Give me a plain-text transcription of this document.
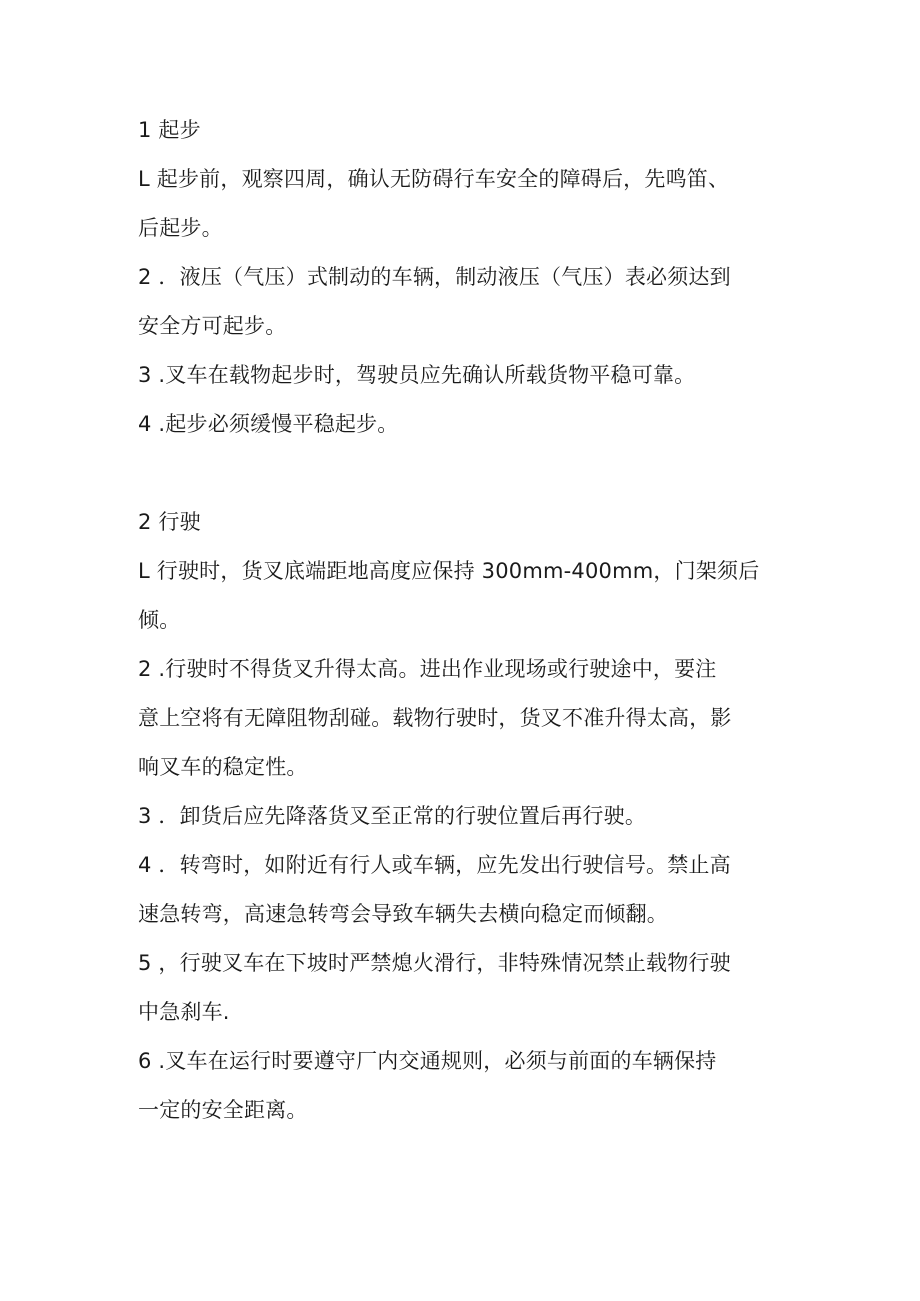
1 起步
L 起步前，观察四周，确认无防碍行车安全的障碍后，先鸣笛、
后起步。
2 ．液压（气压）式制动的车辆，制动液压（气压）表必须达到
安全方可起步。
3 .叉车在载物起步时，驾驶员应先确认所载货物平稳可靠。
4 .起步必须缓慢平稳起步。
2 行驶
L 行驶时，货叉底端距地高度应保持 300mm-400mm，门架须后
倾。
2 .行驶时不得货叉升得太高。进出作业现场或行驶途中，要注
意上空将有无障阻物刮碰。载物行驶时，货叉不准升得太高，影
响叉车的稳定性。
3 ．卸货后应先降落货叉至正常的行驶位置后再行驶。
4 ．转弯时，如附近有行人或车辆，应先发出行驶信号。禁止高
速急转弯，高速急转弯会导致车辆失去横向稳定而倾翻。
5 ，行驶叉车在下坡时严禁熄火滑行，非特殊情况禁止载物行驶
中急刹车.
6 .叉车在运行时要遵守厂内交通规则，必须与前面的车辆保持
一定的安全距离。
